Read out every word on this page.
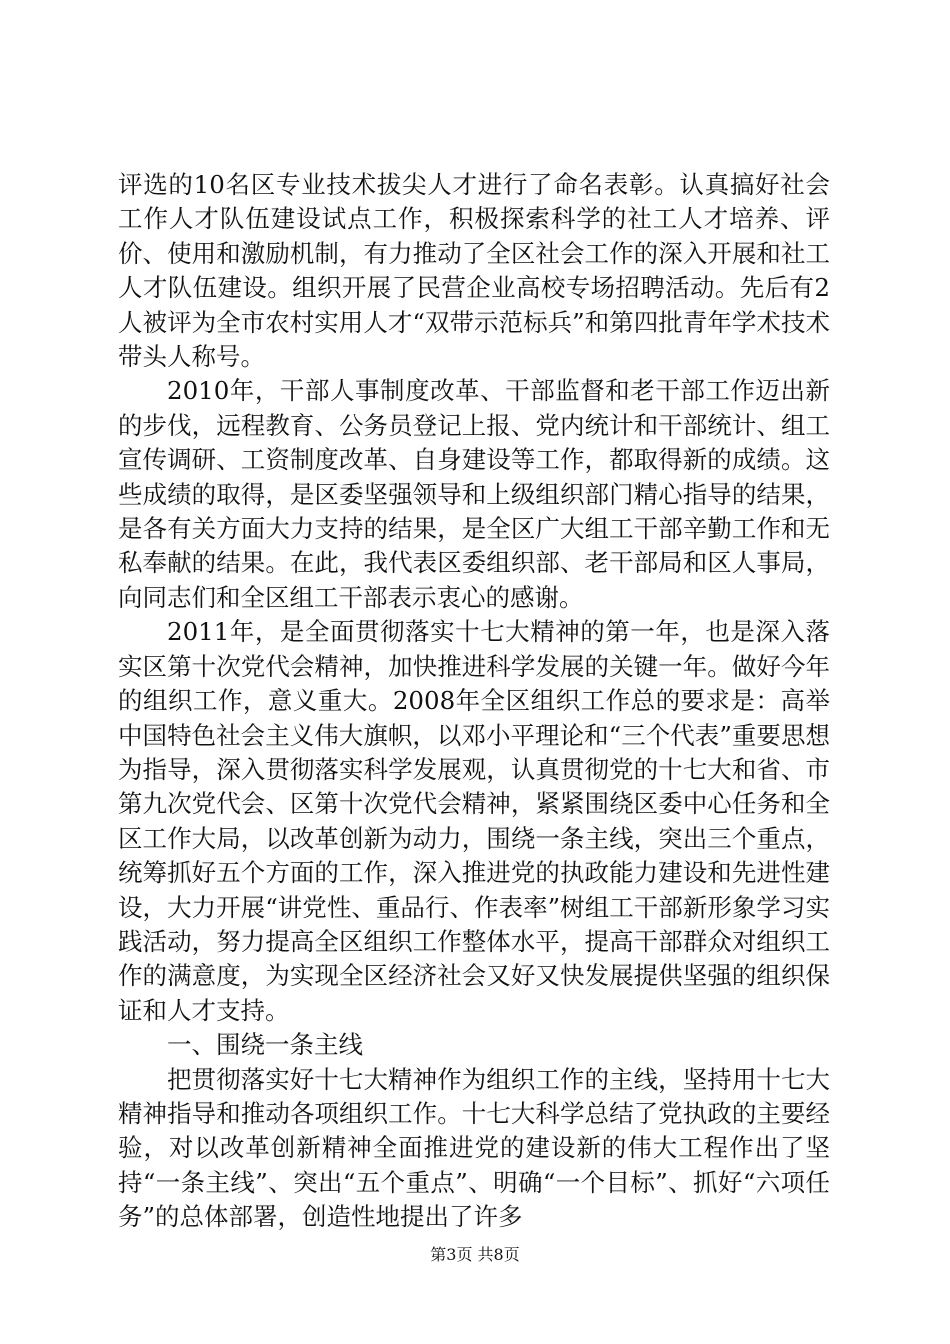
评选的10名区专业技术拔尖人才进行了命名表彰。认真搞好社会工作人才队伍建设试点工作，积极探索科学的社工人才培养、评价、使用和激励机制，有力推动了全区社会工作的深入开展和社工人才队伍建设。组织开展了民营企业高校专场招聘活动。先后有2人被评为全市农村实用人才“双带示范标兵”和第四批青年学术技术带头人称号。

2010年，干部人事制度改革、干部监督和老干部工作迈出新的步伐，远程教育、公务员登记上报、党内统计和干部统计、组工宣传调研、工资制度改革、自身建设等工作，都取得新的成绩。这些成绩的取得，是区委坚强领导和上级组织部门精心指导的结果，是各有关方面大力支持的结果，是全区广大组工干部辛勤工作和无私奉献的结果。在此，我代表区委组织部、老干部局和区人事局，向同志们和全区组工干部表示衷心的感谢。

2011年，是全面贯彻落实十七大精神的第一年，也是深入落实区第十次党代会精神，加快推进科学发展的关键一年。做好今年的组织工作，意义重大。2008年全区组织工作总的要求是：高举中国特色社会主义伟大旗帜，以邓小平理论和“三个代表”重要思想为指导，深入贯彻落实科学发展观，认真贯彻党的十七大和省、市第九次党代会、区第十次党代会精神，紧紧围绕区委中心任务和全区工作大局，以改革创新为动力，围绕一条主线，突出三个重点，统筹抓好五个方面的工作，深入推进党的执政能力建设和先进性建设，大力开展“讲党性、重品行、作表率”树组工干部新形象学习实践活动，努力提高全区组织工作整体水平，提高干部群众对组织工作的满意度，为实现全区经济社会又好又快发展提供坚强的组织保证和人才支持。

一、围绕一条主线

把贯彻落实好十七大精神作为组织工作的主线，坚持用十七大精神指导和推动各项组织工作。十七大科学总结了党执政的主要经验，对以改革创新精神全面推进党的建设新的伟大工程作出了坚持“一条主线”、突出“五个重点”、明确“一个目标”、抓好“六项任务”的总体部署，创造性地提出了许多

第3页 共8页
